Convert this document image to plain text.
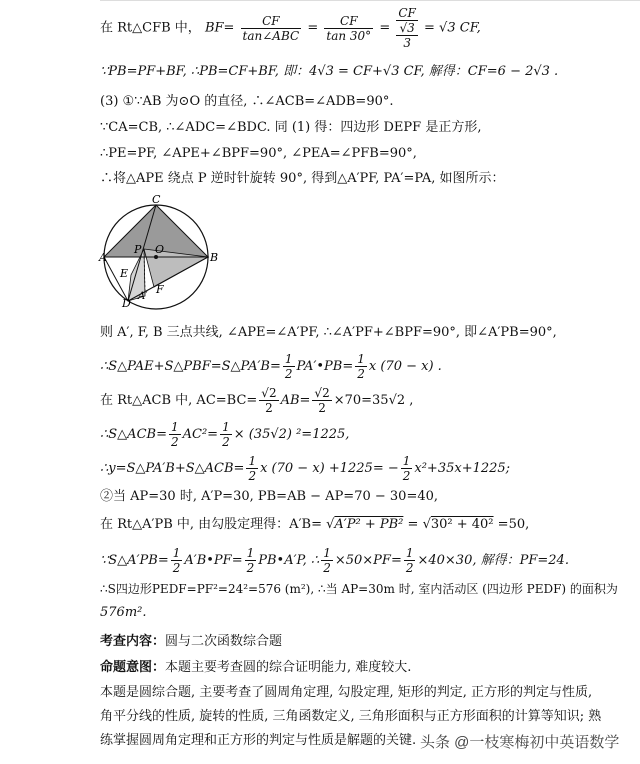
在 Rt△CFB 中， BF=	CF
tan∠ABC = $\frac{CF}{\tan 30^\circ}$ =
CF
√3
3
= √3 CF,
∵PB=PF+BF, ∴PB=CF+BF, 即：4√3 = CF+√3 CF, 解得：CF=6 − 2√3 .
(3) ①∵AB 为⊙O 的直径, ∴∠ACB=∠ADB=90°.
∵CA=CB, ∴∠ADC=∠BDC. 同 (1) 得：四边形 DEPF 是正方形,
∴PE=PF, ∠APE+∠BPF=90°, ∠PEA=∠PFB=90°,
∴将△APE 绕点 P 逆时针旋转 90°, 得到△A′PF, PA′=PA, 如图所示：
C
A
P O
B
E
F
D
A′
则 A′, F, B 三点共线, ∠APE=∠A′PF, ∴∠A′PF+∠BPF=90°, 即∠A′PB=90°,
∴S△PAE+S△PBF=S△PA′B= $\frac{1}{2}$ PA′•PB= $\frac{1}{2}$ x (70 − x) .
在 Rt△ACB 中, $AC=BC= \frac{√2}{2} AB= \frac{√2}{2} \times 70=35√2$ ,
∴S△ACB= $\frac{1}{2} AC^2= \frac{1}{2} \times (35√2)$ ²=1225,
∴y=S△PA′B+S△ACB= $\frac{1}{2}$ x $(70 - x) +1225= - \frac{1}{2} x^2+35x+1225$;
②当 AP=30 时, A′P=30, PB=AB − AP=70 − 30=40,
在 Rt△A′PB 中, 由勾股定理得：A′B= √A′P² + PB² = √30² + 40² =50,
∵S△A′PB= $\frac{1}{2}$ A′B•PF= $\frac{1}{2}$ PB•A′P, ∴ $\frac{1}{2} \times 50\times PF= \frac{1}{2} \times 40\times 30$, 解得：PF=24.
∴S四边形PEDF=PF²=24²=576 (m²), ∴当 AP=30m 时, 室内活动区 (四边形 PEDF) 的面积为
576m².
考查内容：圆与二次函数综合题
命题意图：本题主要考查圆的综合证明能力, 难度较大.
本题是圆综合题, 主要考查了圆周角定理, 勾股定理, 矩形的判定, 正方形的判定与性质,
角平分线的性质, 旋转的性质, 三角函数定义, 三角形面积与正方形面积的计算等知识; 熟
练掌握圆周角定理和正方形的判定与性质是解题的关键. 头条 @一枝寒梅初中英语数学
